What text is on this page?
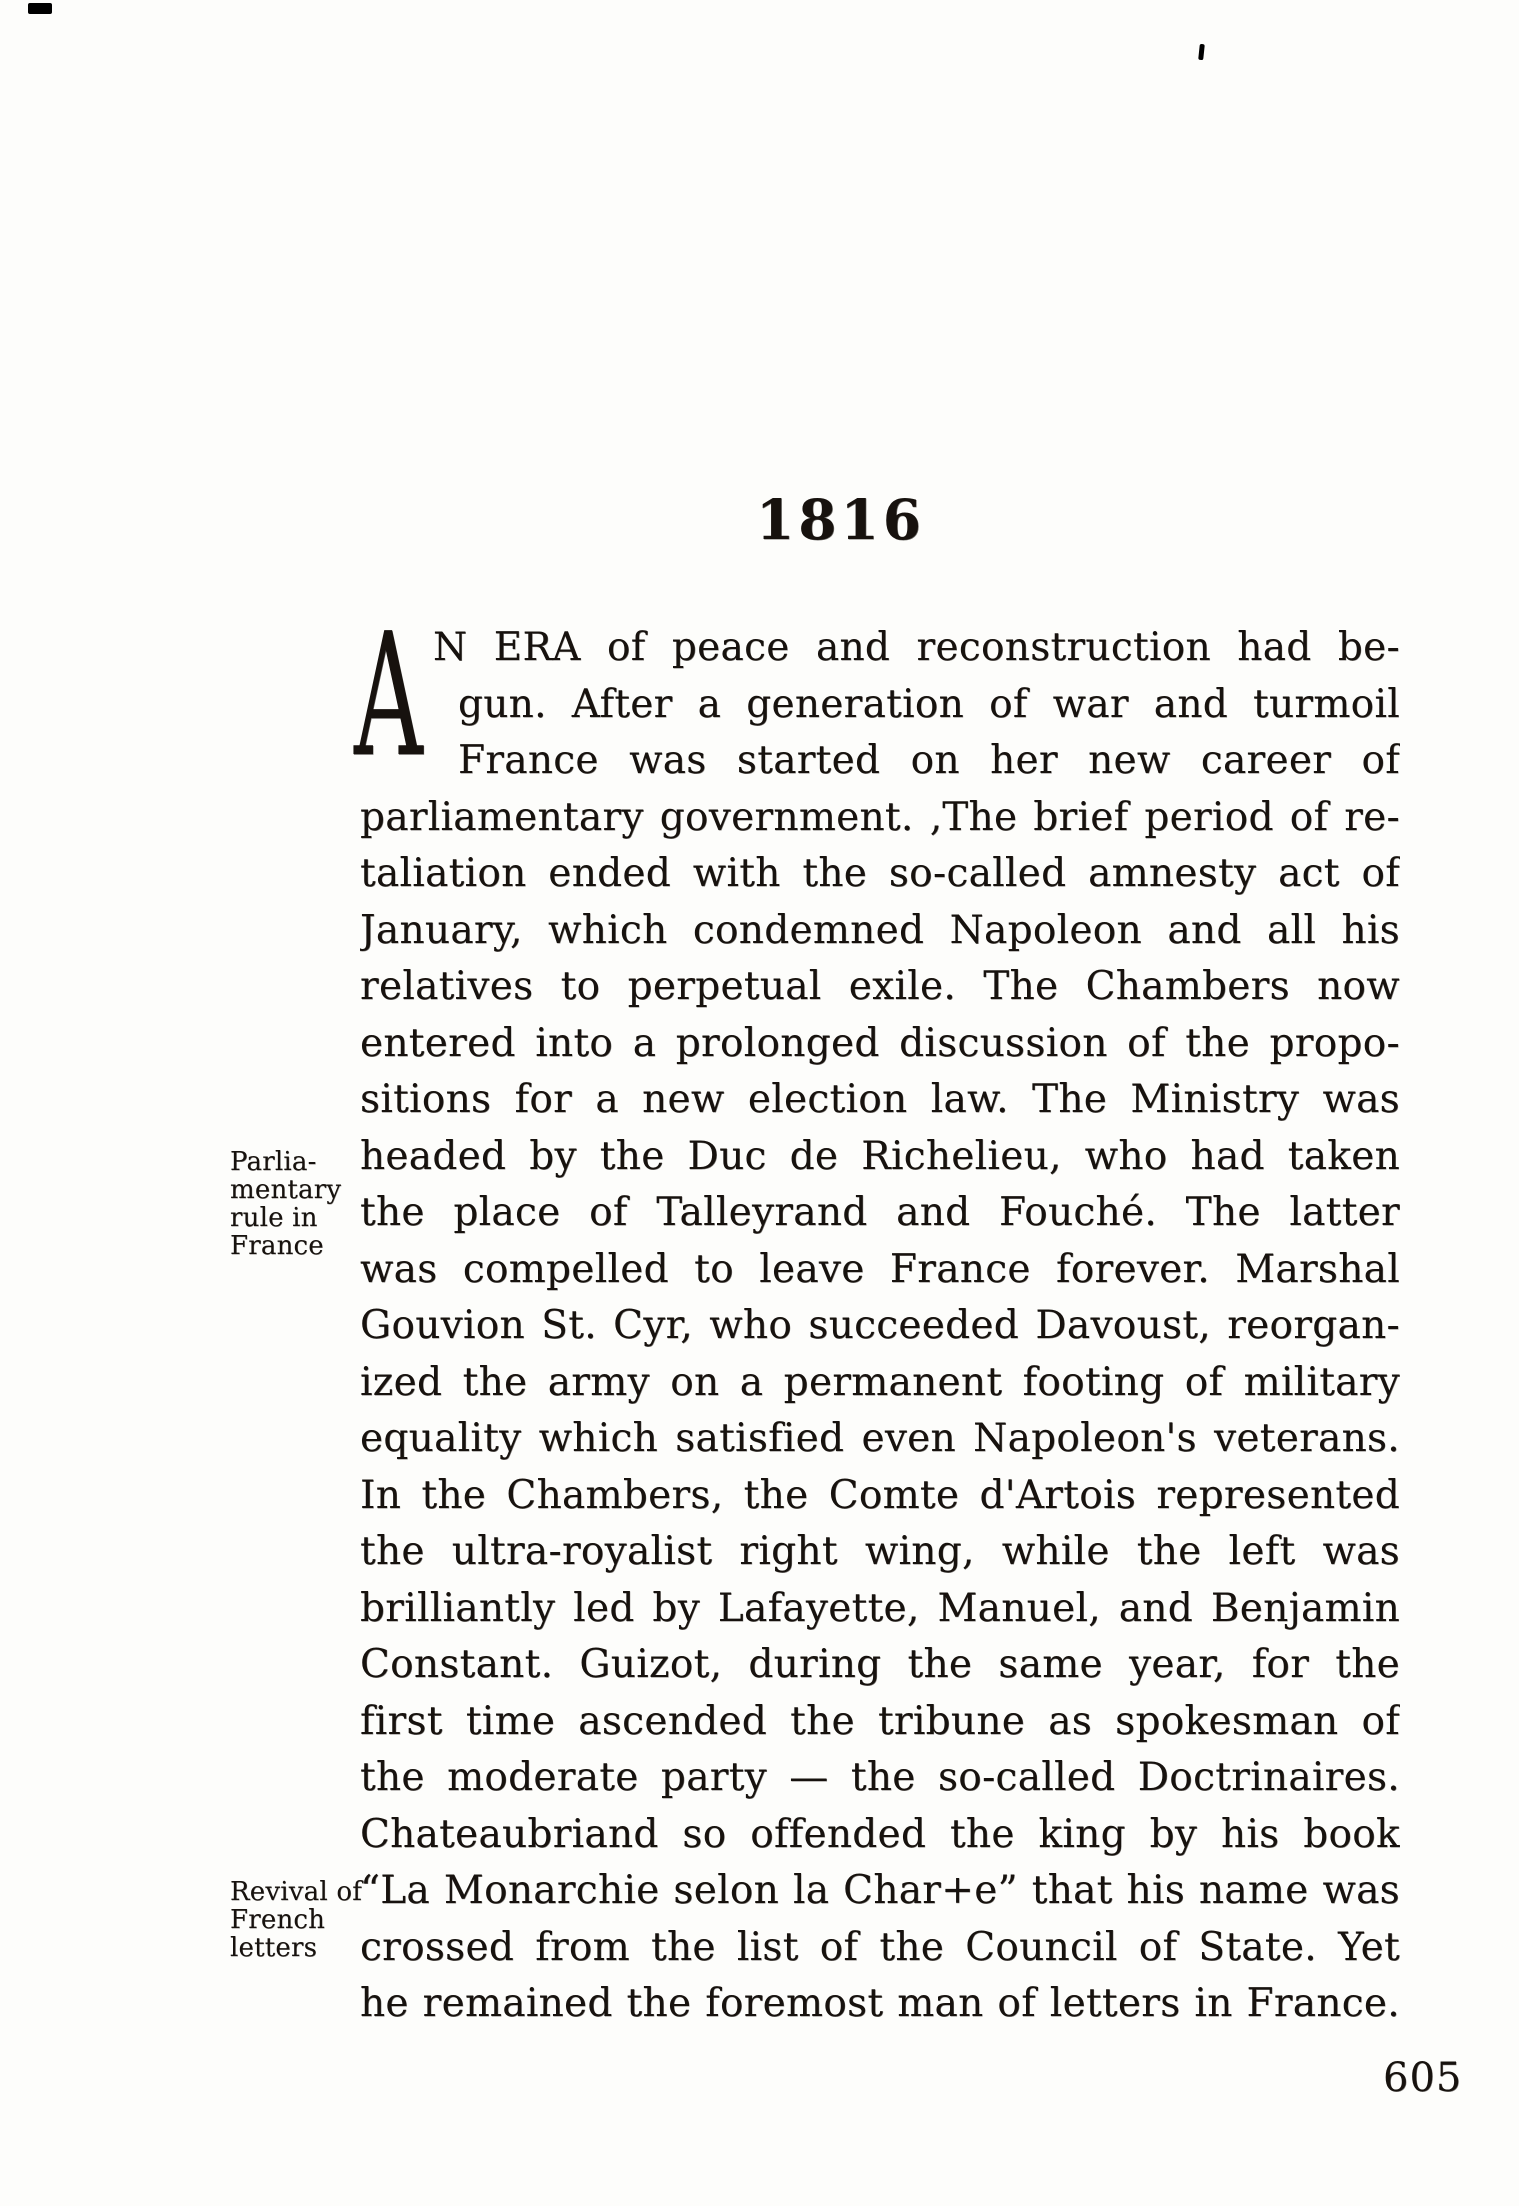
1816
A N ERA of peace and reconstruction had be-
gun. After a generation of war and turmoil
France was started on her new career of
parliamentary government. ‚The brief period of re-
taliation ended with the so-called amnesty act of
January, which condemned Napoleon and all his
relatives to perpetual exile. The Chambers now
entered into a prolonged discussion of the propo-
sitions for a new election law. The Ministry was
headed by the Duc de Richelieu, who had taken
the place of Talleyrand and Fouché. The latter
was compelled to leave France forever. Marshal
Gouvion St. Cyr, who succeeded Davoust, reorgan-
ized the army on a permanent footing of military
equality which satisfied even Napoleon's veterans.
In the Chambers, the Comte d'Artois represented
the ultra-royalist right wing, while the left was
brilliantly led by Lafayette, Manuel, and Benjamin
Constant. Guizot, during the same year, for the
first time ascended the tribune as spokesman of
the moderate party — the so-called Doctrinaires.
Chateaubriand so offended the king by his book
“La Monarchie selon la Char+e” that his name was
crossed from the list of the Council of State. Yet
he remained the foremost man of letters in France.
Parlia-
mentary
rule in
France
Revival of
French
letters
605
